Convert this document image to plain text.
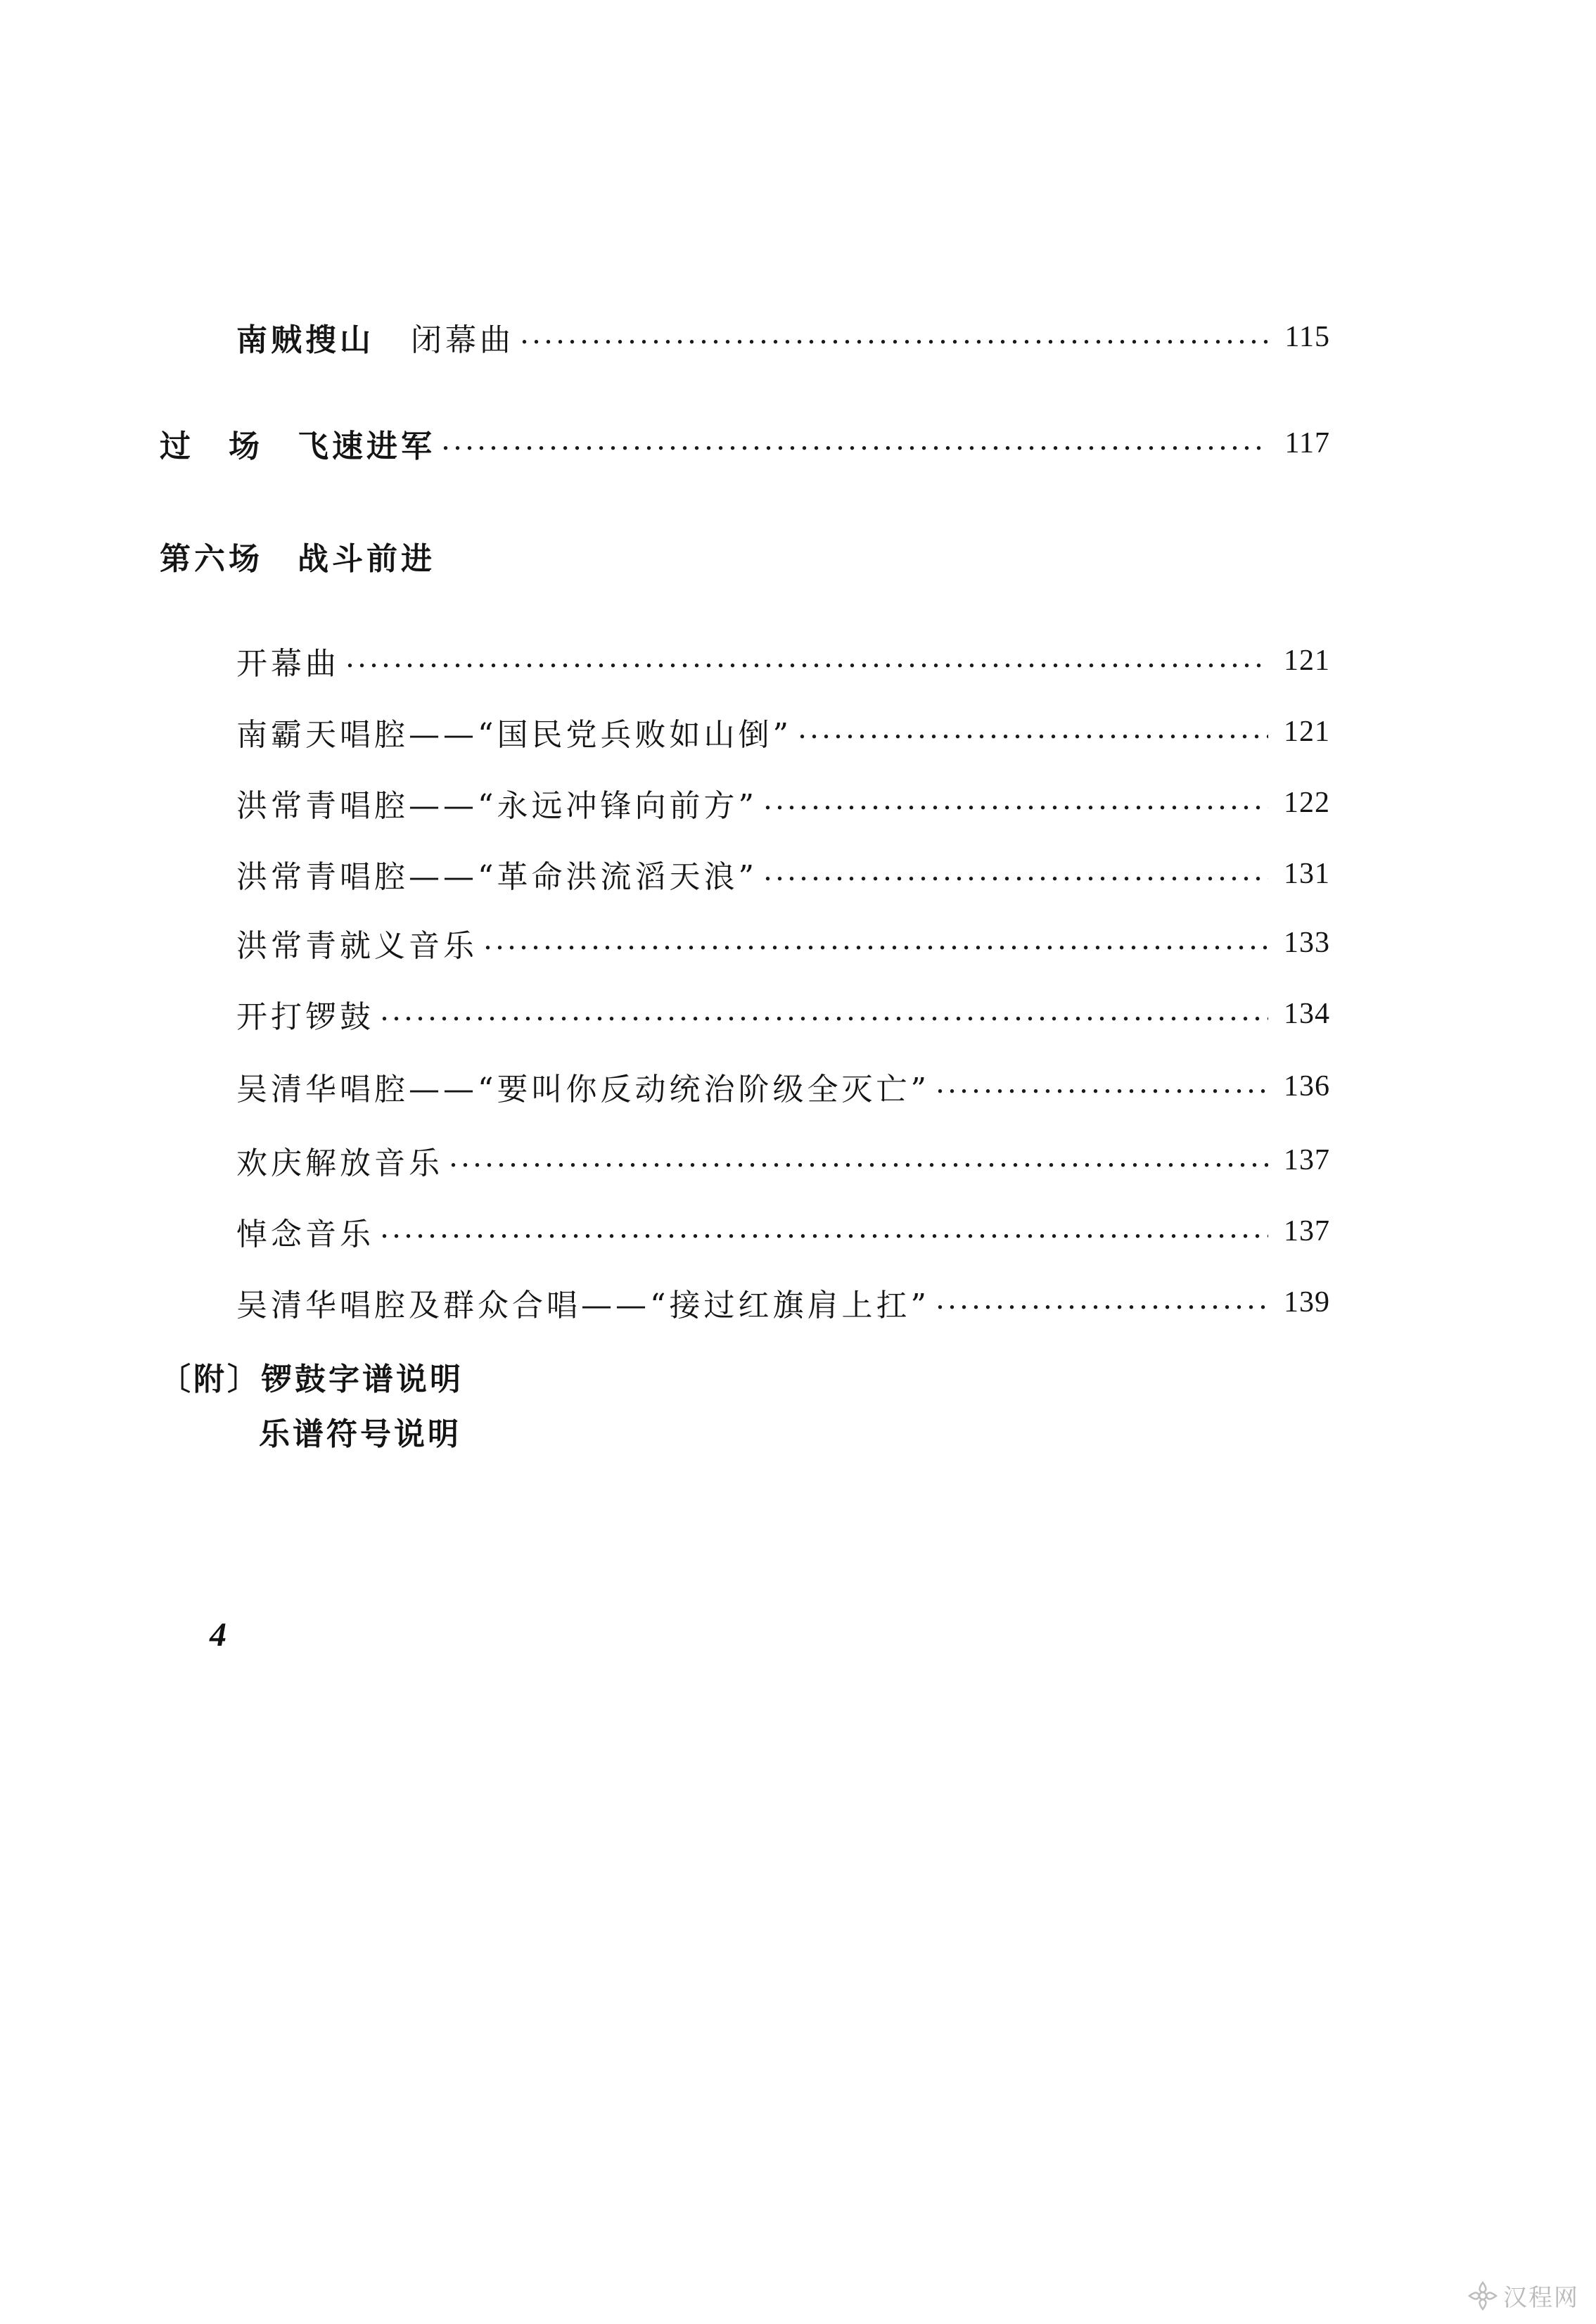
南贼搜山 闭幕曲	115
过　场　飞速进军	117
第六场　战斗前进
开幕曲	121
南霸天唱腔——“国民党兵败如山倒”	121
洪常青唱腔——“永远冲锋向前方”	122
洪常青唱腔——“革命洪流滔天浪”	131
洪常青就义音乐	133
开打锣鼓	134
吴清华唱腔——“要叫你反动统治阶级全灭亡”	136
欢庆解放音乐	137
悼念音乐	137
吴清华唱腔及群众合唱——“接过红旗肩上扛”	139
〔附〕 锣鼓字谱说明
乐谱符号说明
4
汉程网
